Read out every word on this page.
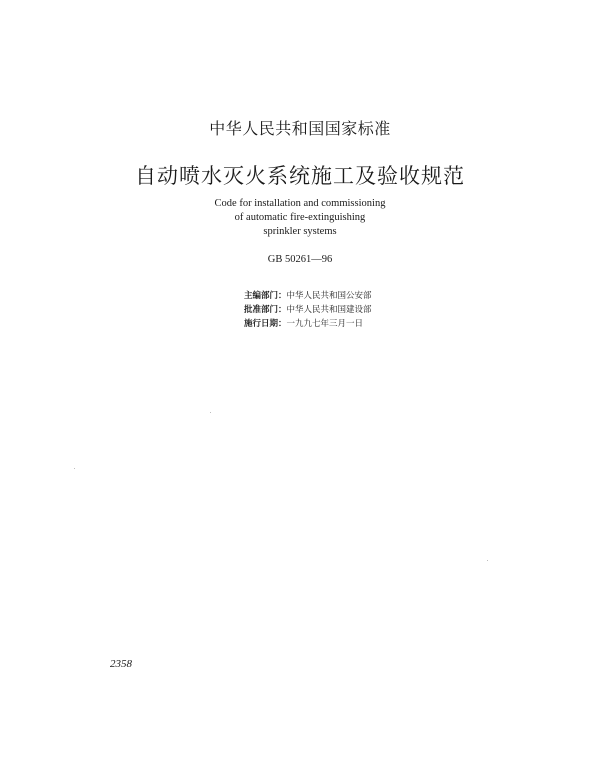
中华人民共和国国家标准
自动喷水灭火系统施工及验收规范
Code for installation and commissioning
of automatic fire-extinguishing
sprinkler systems
GB 50261—96
主编部门：中华人民共和国公安部
批准部门：中华人民共和国建设部
施行日期：一九九七年三月一日
2358
